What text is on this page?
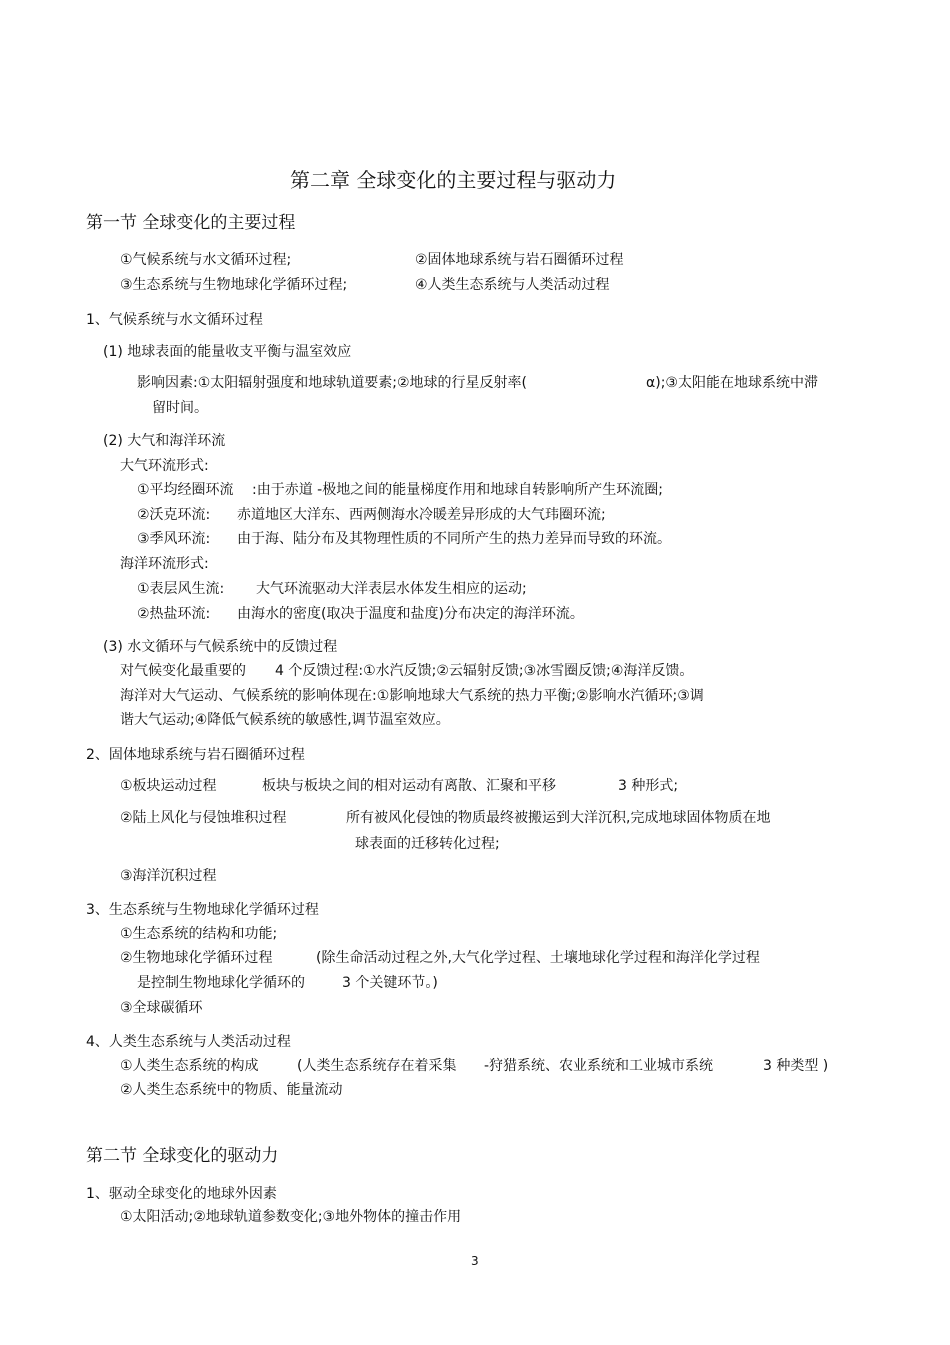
第二章 全球变化的主要过程与驱动力
第一节 全球变化的主要过程
①气候系统与水文循环过程;	②固体地球系统与岩石圈循环过程
③生态系统与生物地球化学循环过程;	④人类生态系统与人类活动过程
1、气候系统与水文循环过程
(1) 地球表面的能量收支平衡与温室效应
影响因素:①太阳辐射强度和地球轨道要素;②地球的行星反射率(	α);③太阳能在地球系统中滞
留时间。
(2) 大气和海洋环流
大气环流形式:
①平均经圈环流 :由于赤道 -极地之间的能量梯度作用和地球自转影响所产生环流圈;
②沃克环流: 赤道地区大洋东、西两侧海水冷暖差异形成的大气玮圈环流;
③季风环流: 由于海、陆分布及其物理性质的不同所产生的热力差异而导致的环流。
海洋环流形式:
①表层风生流: 大气环流驱动大洋表层水体发生相应的运动;
②热盐环流: 由海水的密度(取决于温度和盐度)分布决定的海洋环流。
(3) 水文循环与气候系统中的反馈过程
对气候变化最重要的 4 个反馈过程:①水汽反馈;②云辐射反馈;③冰雪圈反馈;④海洋反馈。
海洋对大气运动、气候系统的影响体现在:①影响地球大气系统的热力平衡;②影响水汽循环;③调
谐大气运动;④降低气候系统的敏感性,调节温室效应。
2、固体地球系统与岩石圈循环过程
①板块运动过程	板块与板块之间的相对运动有离散、汇聚和平移	3 种形式;
②陆上风化与侵蚀堆积过程	所有被风化侵蚀的物质最终被搬运到大洋沉积,完成地球固体物质在地
球表面的迁移转化过程;
③海洋沉积过程
3、生态系统与生物地球化学循环过程
①生态系统的结构和功能;
②生物地球化学循环过程	(除生命活动过程之外,大气化学过程、土壤地球化学过程和海洋化学过程
是控制生物地球化学循环的	3 个关键环节。)
③全球碳循环
4、人类生态系统与人类活动过程
①人类生态系统的构成	(人类生态系统存在着采集 -狩猎系统、农业系统和工业城市系统	3 种类型 )
②人类生态系统中的物质、能量流动
第二节 全球变化的驱动力
1、驱动全球变化的地球外因素
①太阳活动;②地球轨道参数变化;③地外物体的撞击作用
3
